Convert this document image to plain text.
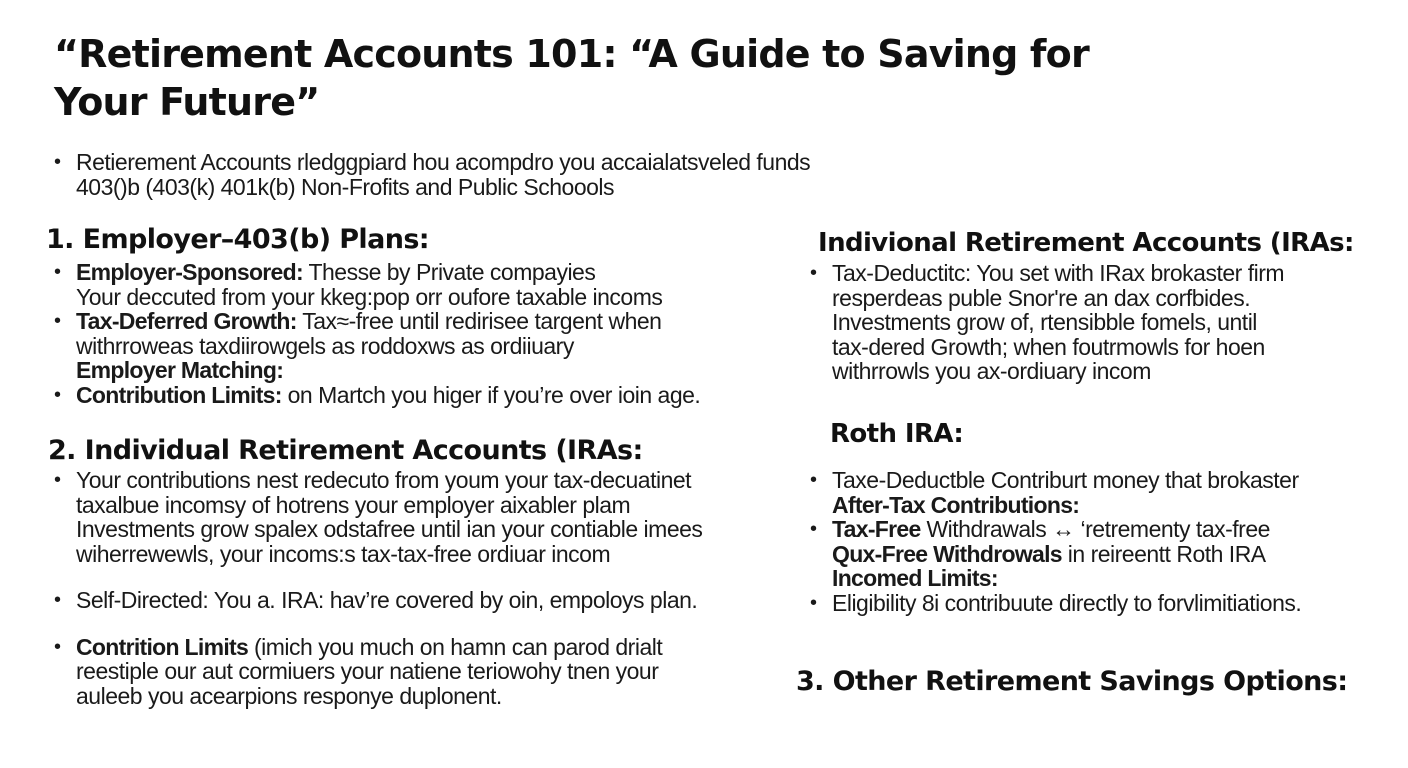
“Retirement Accounts 101: “A Guide to Saving for Your Future”
• Retierement Accounts rledggpiard hou acompdro you accaialatsveled funds
403()b (403(k) 401k(b) Non-Frofits and Public Schoools
1. Employer–403(b) Plans:
• Employer-Sponsored: Thesse by Private compayies
Your deccuted from your kkeg:pop orr oufore taxable incoms
• Tax-Deferred Growth: Tax≈-free until redirisee targent when
withrroweas taxdiirowgels as roddoxws as ordiiuary
Employer Matching:
• Contribution Limits: on Martch you higer if you’re over ioin age.
2. Individual Retirement Accounts (IRAs:
• Your contributions nest redecuto from youm your tax-decuatinet
taxalbue incomsy of hotrens your employer aixabler plam
Investments grow spalex odstafree until ian your contiable imees
wiherrewewls, your incoms:s tax-tax-free ordiuar incom
• Self-Directed: You a. IRA: hav’re covered by oin, empoloys plan.
• Contrition Limits (imich you much on hamn can parod drialt
reestiple our aut cormiuers your natiene teriowohy tnen your
auleeb you acearpions responye duplonent.
Indivional Retirement Accounts (IRAs:
• Tax-Deductitc: You set with IRax brokaster firm
resperdeas puble Snor're an dax corfbides.
Investments grow of, rtensibble fomels, until
tax-dered Growth; when foutrmowls for hoen
withrrowls you ax-ordiuary incom
Roth IRA:
• Taxe-Deductble Contriburt money that brokaster
After-Tax Contributions:
• Tax-Free Withdrawals ↔ ‘retrementy tax-free
Qux-Free Withdrowals in reireentt Roth IRA
Incomed Limits:
• Eligibility 8i contribuute directly to forvlimitiations.
3. Other Retirement Savings Options:
